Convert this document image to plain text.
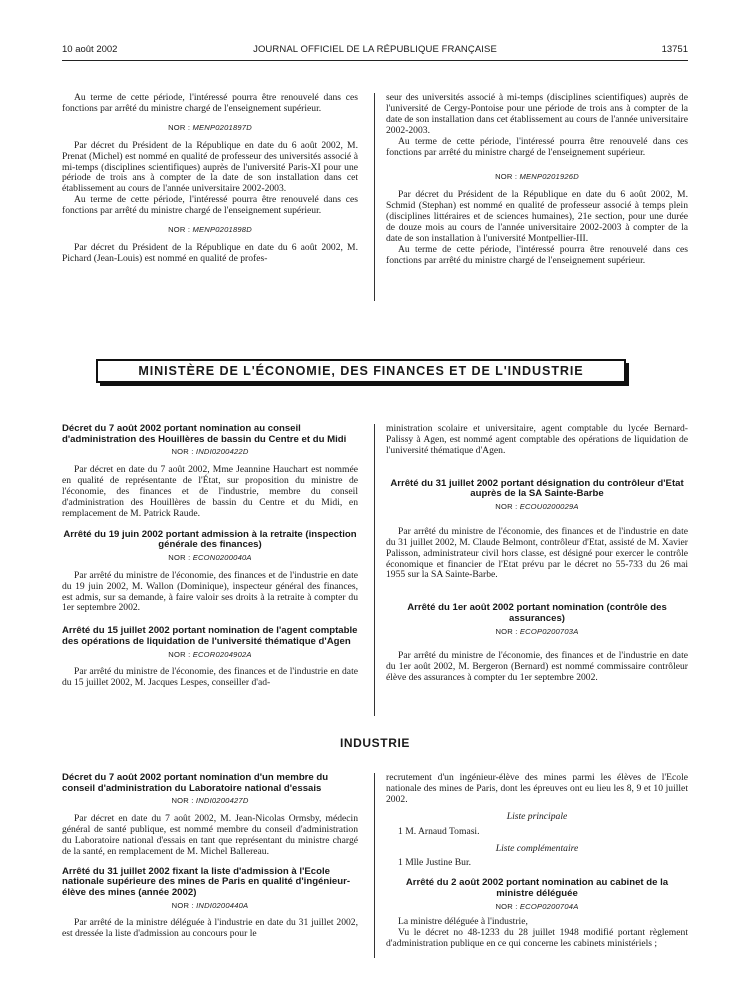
10 août 2002	JOURNAL OFFICIEL DE LA RÉPUBLIQUE FRANÇAISE	13751

Au terme de cette période, l'intéressé pourra être renouvelé dans ces fonctions par arrêté du ministre chargé de l'enseignement supérieur.

NOR : MENP0201897D

Par décret du Président de la République en date du 6 août 2002, M. Prenat (Michel) est nommé en qualité de professeur des universités associé à mi-temps (disciplines scientifiques) auprès de l'université Paris-XI pour une période de trois ans à compter de la date de son installation dans cet établissement au cours de l'année universitaire 2002-2003.

Au terme de cette période, l'intéressé pourra être renouvelé dans ces fonctions par arrêté du ministre chargé de l'enseignement supérieur.

NOR : MENP0201898D

Par décret du Président de la République en date du 6 août 2002, M. Pichard (Jean-Louis) est nommé en qualité de profes-

seur des universités associé à mi-temps (disciplines scientifiques) auprès de l'université de Cergy-Pontoise pour une période de trois ans à compter de la date de son installation dans cet établissement au cours de l'année universitaire 2002-2003.

Au terme de cette période, l'intéressé pourra être renouvelé dans ces fonctions par arrêté du ministre chargé de l'enseignement supérieur.

NOR : MENP0201926D

Par décret du Président de la République en date du 6 août 2002, M. Schmid (Stephan) est nommé en qualité de professeur associé à temps plein (disciplines littéraires et de sciences humaines), 21e section, pour une durée de douze mois au cours de l'année universitaire 2002-2003 à compter de la date de son installation à l'université Montpellier-III.

Au terme de cette période, l'intéressé pourra être renouvelé dans ces fonctions par arrêté du ministre chargé de l'enseignement supérieur.

MINISTÈRE DE L'ÉCONOMIE, DES FINANCES ET DE L'INDUSTRIE
Décret du 7 août 2002 portant nomination au conseil d'administration des Houillères de bassin du Centre et du Midi
NOR : INDI0200422D

Par décret en date du 7 août 2002, Mme Jeannine Hauchart est nommée en qualité de représentante de l'État, sur proposition du ministre de l'économie, des finances et de l'industrie, membre du conseil d'administration des Houillères de bassin du Centre et du Midi, en remplacement de M. Patrick Raude.

Arrêté du 19 juin 2002 portant admission à la retraite (inspection générale des finances)
NOR : ECON0200040A

Par arrêté du ministre de l'économie, des finances et de l'industrie en date du 19 juin 2002, M. Wallon (Dominique), inspecteur général des finances, est admis, sur sa demande, à faire valoir ses droits à la retraite à compter du 1er septembre 2002.

Arrêté du 15 juillet 2002 portant nomination de l'agent comptable des opérations de liquidation de l'université thématique d'Agen
NOR : ECOR0204902A

Par arrêté du ministre de l'économie, des finances et de l'industrie en date du 15 juillet 2002, M. Jacques Lespes, conseiller d'ad-

ministration scolaire et universitaire, agent comptable du lycée Bernard-Palissy à Agen, est nommé agent comptable des opérations de liquidation de l'université thématique d'Agen.

Arrêté du 31 juillet 2002 portant désignation du contrôleur d'Etat auprès de la SA Sainte-Barbe
NOR : ECOU0200029A

Par arrêté du ministre de l'économie, des finances et de l'industrie en date du 31 juillet 2002, M. Claude Belmont, contrôleur d'Etat, assisté de M. Xavier Palisson, administrateur civil hors classe, est désigné pour exercer le contrôle économique et financier de l'Etat prévu par le décret no 55-733 du 26 mai 1955 sur la SA Sainte-Barbe.

Arrêté du 1er août 2002 portant nomination (contrôle des assurances)
NOR : ECOP0200703A

Par arrêté du ministre de l'économie, des finances et de l'industrie en date du 1er août 2002, M. Bergeron (Bernard) est nommé commissaire contrôleur élève des assurances à compter du 1er septembre 2002.

INDUSTRIE
Décret du 7 août 2002 portant nomination d'un membre du conseil d'administration du Laboratoire national d'essais
NOR : INDI0200427D

Par décret en date du 7 août 2002, M. Jean-Nicolas Ormsby, médecin général de santé publique, est nommé membre du conseil d'administration du Laboratoire national d'essais en tant que représentant du ministre chargé de la santé, en remplacement de M. Michel Ballereau.

Arrêté du 31 juillet 2002 fixant la liste d'admission à l'Ecole nationale supérieure des mines de Paris en qualité d'ingénieur-élève des mines (année 2002)
NOR : INDI0200440A

Par arrêté de la ministre déléguée à l'industrie en date du 31 juillet 2002, est dressée la liste d'admission au concours pour le

recrutement d'un ingénieur-élève des mines parmi les élèves de l'Ecole nationale des mines de Paris, dont les épreuves ont eu lieu les 8, 9 et 10 juillet 2002.

Liste principale

1 M. Arnaud Tomasi.

Liste complémentaire

1 Mlle Justine Bur.

Arrêté du 2 août 2002 portant nomination au cabinet de la ministre déléguée
NOR : ECOP0200704A

La ministre déléguée à l'industrie,

Vu le décret no 48-1233 du 28 juillet 1948 modifié portant règlement d'administration publique en ce qui concerne les cabinets ministériels ;
